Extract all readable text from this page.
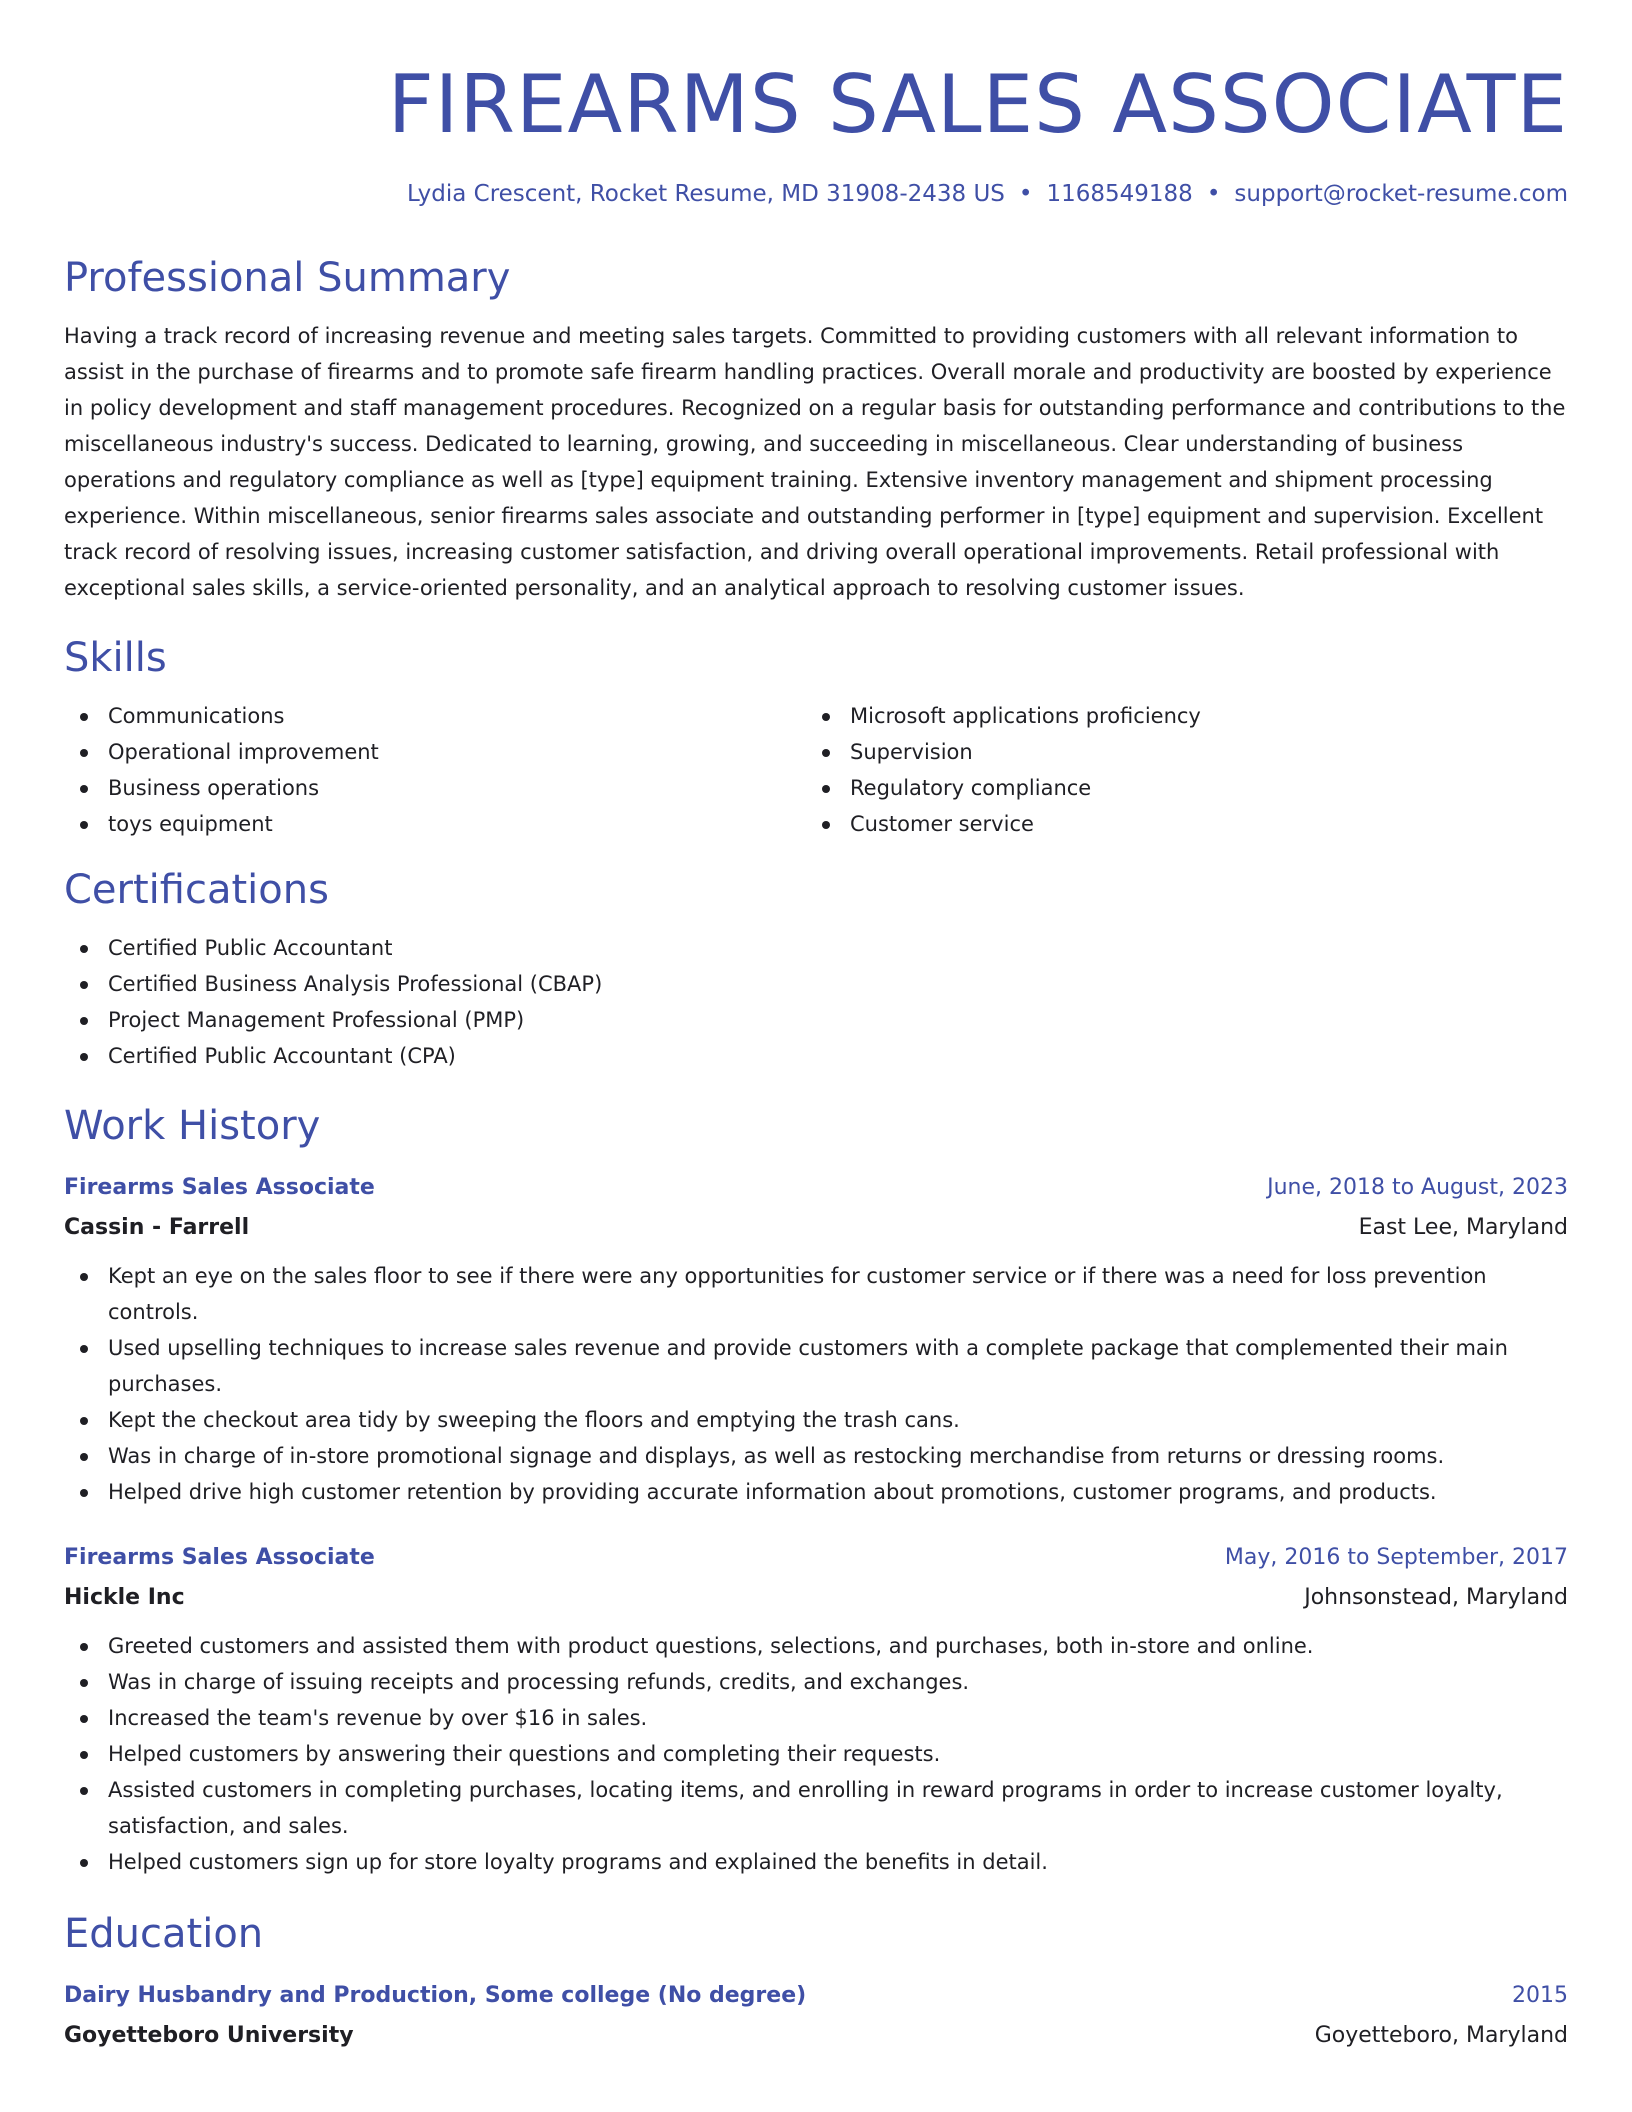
FIREARMS SALES ASSOCIATE
Lydia Crescent, Rocket Resume, MD 31908-2438 US • 1168549188 • support@rocket-resume.com
Professional Summary

Having a track record of increasing revenue and meeting sales targets. Committed to providing customers with all relevant information to assist in the purchase of firearms and to promote safe firearm handling practices. Overall morale and productivity are boosted by experience in policy development and staff management procedures. Recognized on a regular basis for outstanding performance and contributions to the miscellaneous industry's success. Dedicated to learning, growing, and succeeding in miscellaneous. Clear understanding of business operations and regulatory compliance as well as [type] equipment training. Extensive inventory management and shipment processing experience. Within miscellaneous, senior firearms sales associate and outstanding performer in [type] equipment and supervision. Excellent track record of resolving issues, increasing customer satisfaction, and driving overall operational improvements. Retail professional with exceptional sales skills, a service-oriented personality, and an analytical approach to resolving customer issues.

Skills
Communications
Operational improvement
Business operations
toys equipment
Microsoft applications proficiency
Supervision
Regulatory compliance
Customer service
Certifications
Certified Public Accountant
Certified Business Analysis Professional (CBAP)
Project Management Professional (PMP)
Certified Public Accountant (CPA)
Work History
Firearms Sales Associate	June, 2018 to August, 2023
Cassin - Farrell	East Lee, Maryland
Kept an eye on the sales floor to see if there were any opportunities for customer service or if there was a need for loss prevention controls.
Used upselling techniques to increase sales revenue and provide customers with a complete package that complemented their main purchases.
Kept the checkout area tidy by sweeping the floors and emptying the trash cans.
Was in charge of in-store promotional signage and displays, as well as restocking merchandise from returns or dressing rooms.
Helped drive high customer retention by providing accurate information about promotions, customer programs, and products.
Firearms Sales Associate	May, 2016 to September, 2017
Hickle Inc	Johnsonstead, Maryland
Greeted customers and assisted them with product questions, selections, and purchases, both in-store and online.
Was in charge of issuing receipts and processing refunds, credits, and exchanges.
Increased the team's revenue by over $16 in sales.
Helped customers by answering their questions and completing their requests.
Assisted customers in completing purchases, locating items, and enrolling in reward programs in order to increase customer loyalty, satisfaction, and sales.
Helped customers sign up for store loyalty programs and explained the benefits in detail.
Education
Dairy Husbandry and Production, Some college (No degree)	2015
Goyetteboro University	Goyetteboro, Maryland
